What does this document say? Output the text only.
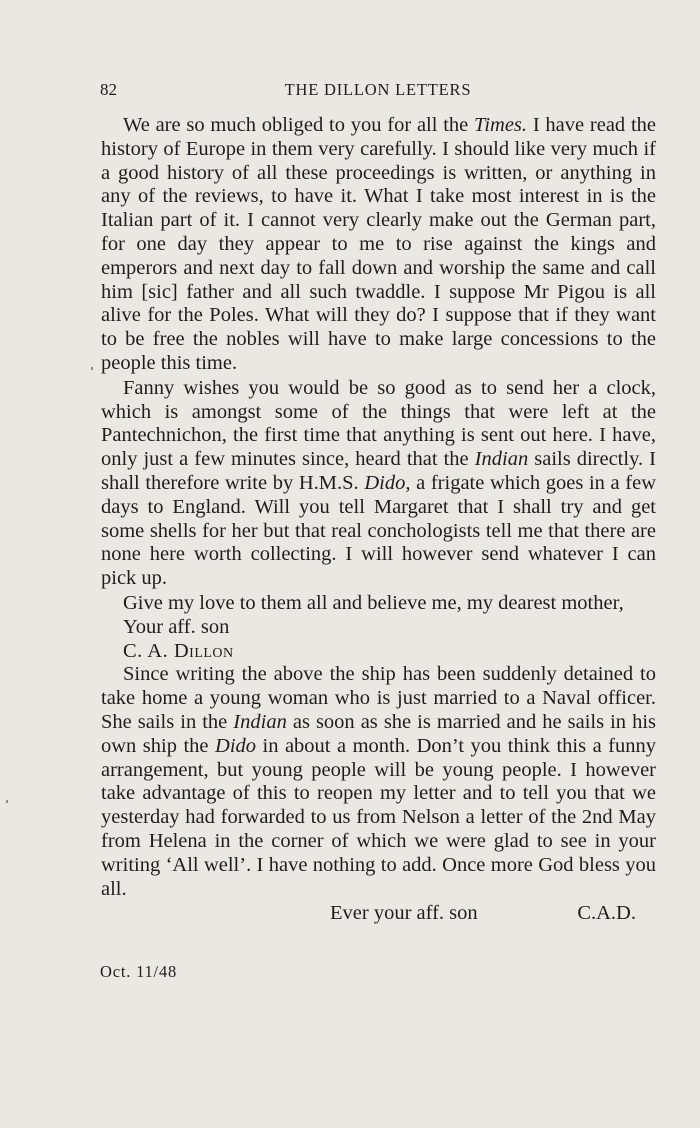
82	THE DILLON LETTERS

We are so much obliged to you for all the Times. I have read the history of Europe in them very carefully. I should like very much if a good history of all these proceedings is written, or anything in any of the reviews, to have it. What I take most interest in is the Italian part of it. I cannot very clearly make out the German part, for one day they appear to me to rise against the kings and emperors and next day to fall down and worship the same and call him [sic] father and all such twaddle. I suppose Mr Pigou is all alive for the Poles. What will they do? I suppose that if they want to be free the nobles will have to make large concessions to the people this time.

Fanny wishes you would be so good as to send her a clock, which is amongst some of the things that were left at the Pantechnichon, the first time that anything is sent out here. I have, only just a few minutes since, heard that the Indian sails directly. I shall therefore write by H.M.S. Dido, a frigate which goes in a few days to England. Will you tell Margaret that I shall try and get some shells for her but that real conchologists tell me that there are none here worth collecting. I will however send whatever I can pick up.

Give my love to them all and believe me, my dearest mother,

Your aff. son

C. A. Dillon

Since writing the above the ship has been suddenly detained to take home a young woman who is just married to a Naval officer. She sails in the Indian as soon as she is married and he sails in his own ship the Dido in about a month. Don’t you think this a funny arrangement, but young people will be young people. I however take advantage of this to reopen my letter and to tell you that we yesterday had forwarded to us from Nelson a letter of the 2nd May from Helena in the corner of which we were glad to see in your writing ‘All well’. I have nothing to add. Once more God bless you all.

Ever your aff. son	C.A.D.
Oct. 11/48
